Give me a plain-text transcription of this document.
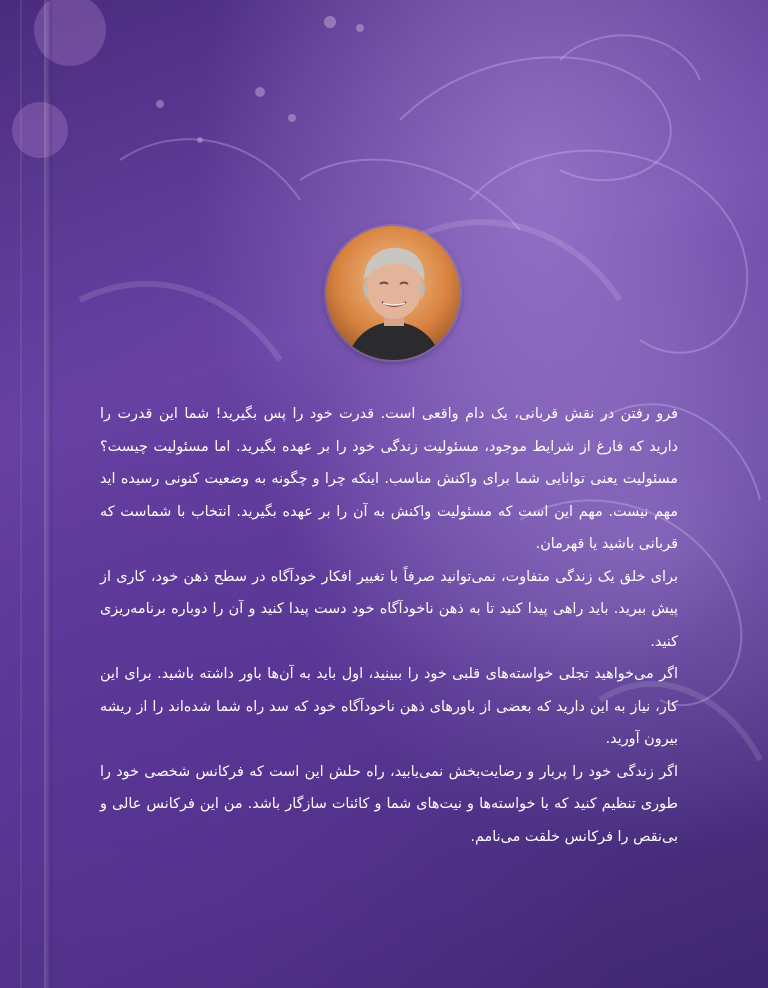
فرو رفتن در نقش قربانی، یک دام واقعی است. قدرت خود را پس بگیرید! شما این قدرت را دارید که فارغ از شرایط موجود، مسئولیت زندگی خود را بر عهده بگیرید. اما مسئولیت چیست؟ مسئولیت یعنی توانایی شما برای واکنش مناسب. اینکه چرا و چگونه به وضعیت کنونی رسیده اید مهم نیست. مهم این است که مسئولیت واکنش به آن را بر عهده بگیرید. انتخاب با شماست که قربانی باشید یا قهرمان.

برای خلق یک زندگی متفاوت، نمی‌توانید صرفاً با تغییر افکار خودآگاه در سطح ذهن خود، کاری از پیش ببرید. باید راهی پیدا کنید تا به ذهن ناخودآگاه خود دست پیدا کنید و آن را دوباره برنامه‌ریزی کنید.

اگر می‌خواهید تجلی خواسته‌های قلبی خود را ببینید، اول باید به آن‌ها باور داشته باشید. برای این کار، نیاز به این دارید که بعضی از باورهای ذهن ناخودآگاه خود که سد راه شما شده‌اند را از ریشه بیرون آورید.

اگر زندگی خود را پربار و رضایت‌بخش نمی‌یابید، راه حلش این است که فرکانس شخصی خود را طوری تنظیم کنید که با خواسته‌ها و نیت‌های شما و کائنات سازگار باشد. من این فرکانس عالی و بی‌نقص را فرکانس خلقت می‌نامم.
